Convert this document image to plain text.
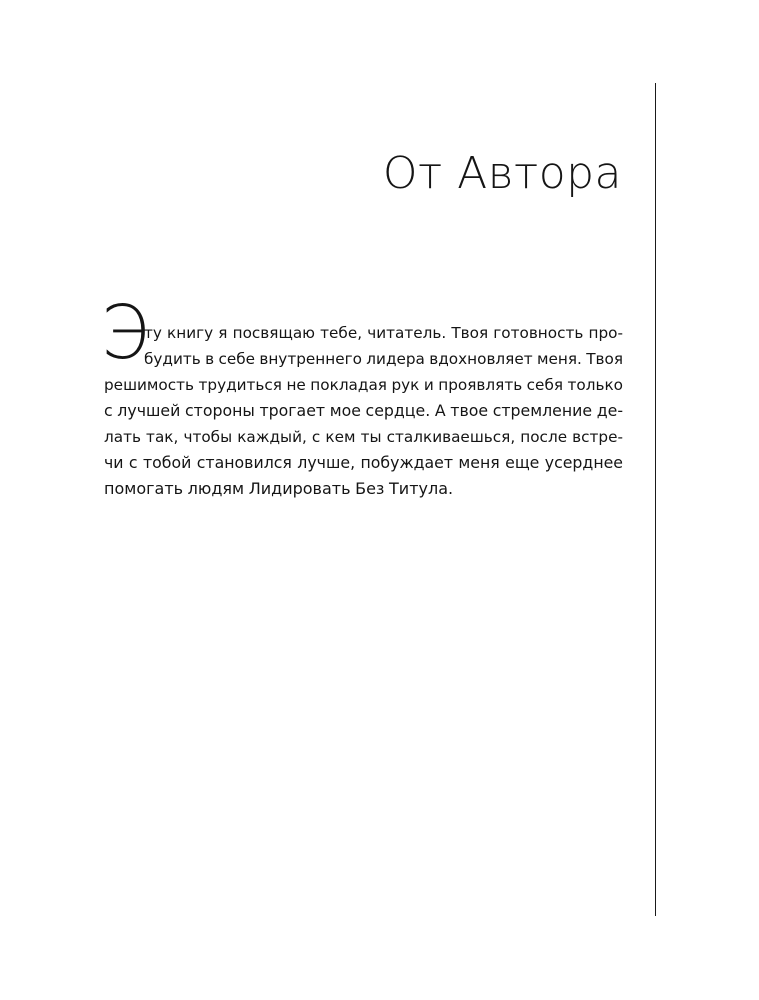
От Автора
Э
ту книгу я посвящаю тебе, читатель. Твоя готовность про-
будить в себе внутреннего лидера вдохновляет меня. Твоя
решимость трудиться не покладая рук и проявлять себя только
с лучшей стороны трогает мое сердце. А твое стремление де-
лать так, чтобы каждый, с кем ты сталкиваешься, после встре-
чи с тобой становился лучше, побуждает меня еще усерднее
помогать людям Лидировать Без Титула.
